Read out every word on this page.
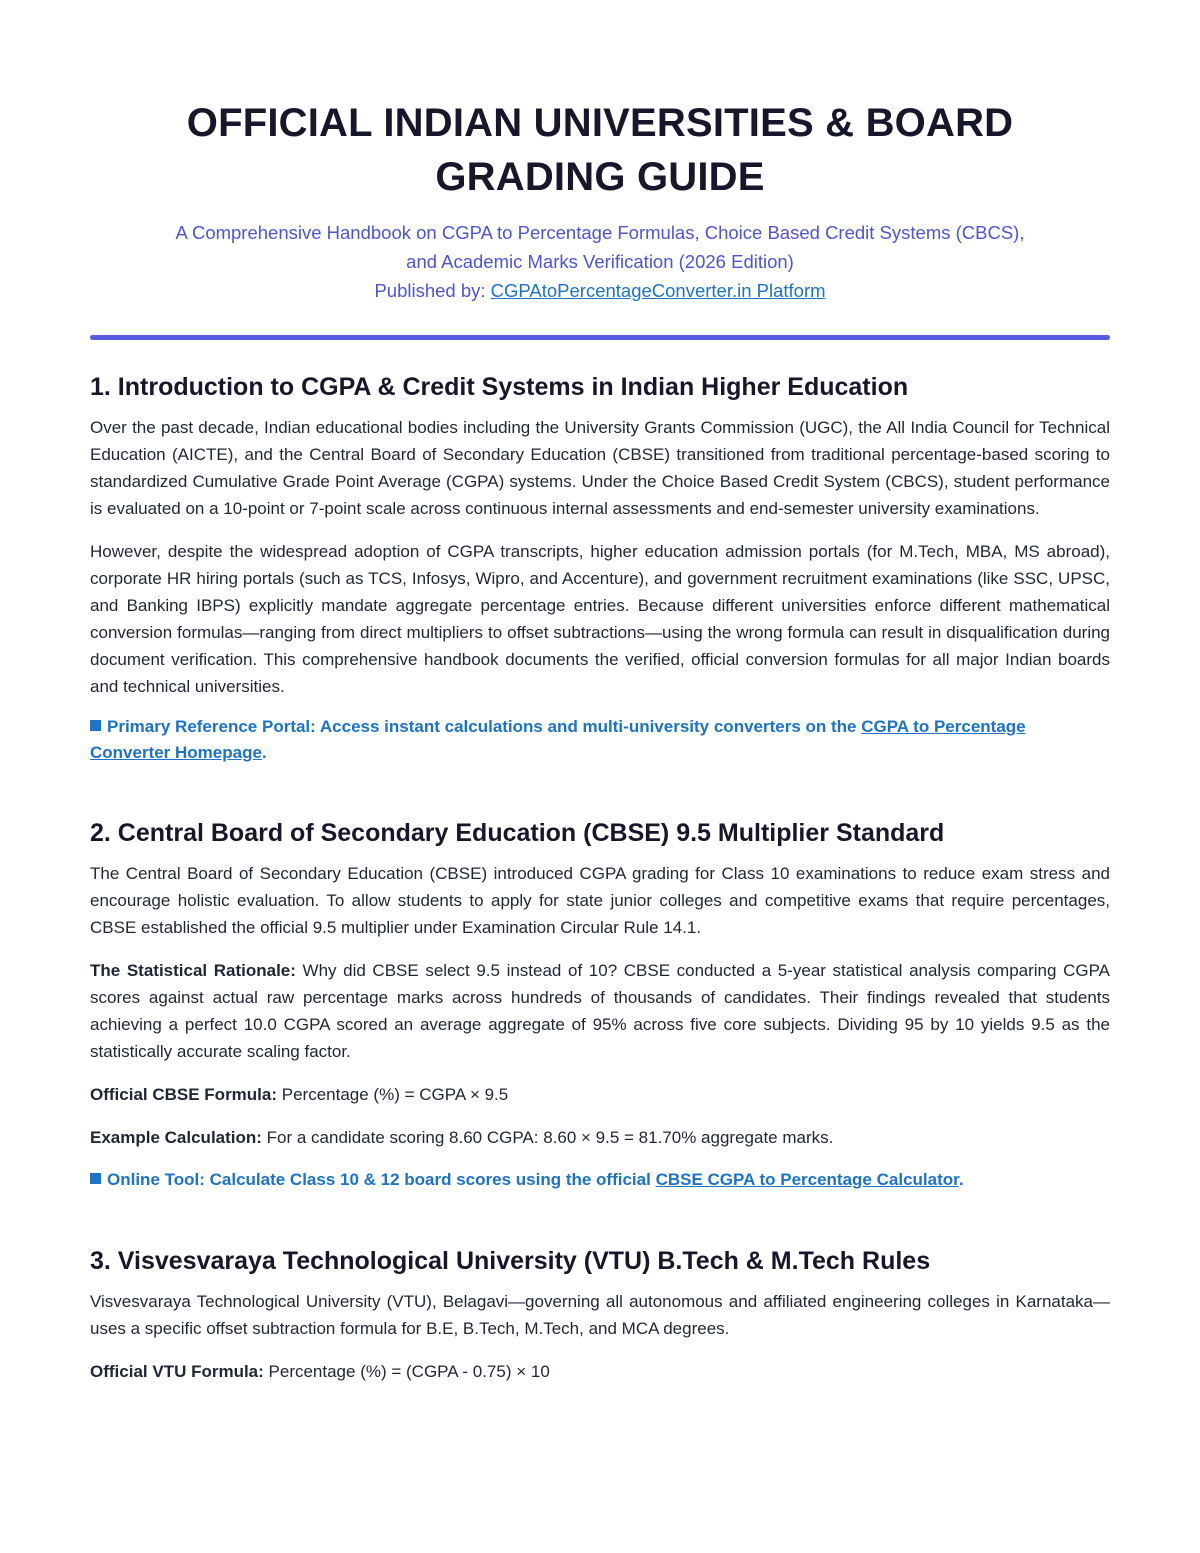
OFFICIAL INDIAN UNIVERSITIES & BOARD
GRADING GUIDE
A Comprehensive Handbook on CGPA to Percentage Formulas, Choice Based Credit Systems (CBCS),
and Academic Marks Verification (2026 Edition)
Published by: CGPAtoPercentageConverter.in Platform
1. Introduction to CGPA & Credit Systems in Indian Higher Education

Over the past decade, Indian educational bodies including the University Grants Commission (UGC), the All India Council for Technical Education (AICTE), and the Central Board of Secondary Education (CBSE) transitioned from traditional percentage-based scoring to standardized Cumulative Grade Point Average (CGPA) systems. Under the Choice Based Credit System (CBCS), student performance is evaluated on a 10-point or 7-point scale across continuous internal assessments and end-semester university examinations.

However, despite the widespread adoption of CGPA transcripts, higher education admission portals (for M.Tech, MBA, MS abroad), corporate HR hiring portals (such as TCS, Infosys, Wipro, and Accenture), and government recruitment examinations (like SSC, UPSC, and Banking IBPS) explicitly mandate aggregate percentage entries. Because different universities enforce different mathematical conversion formulas—ranging from direct multipliers to offset subtractions—using the wrong formula can result in disqualification during document verification. This comprehensive handbook documents the verified, official conversion formulas for all major Indian boards and technical universities.

Primary Reference Portal: Access instant calculations and multi-university converters on the CGPA to Percentage Converter Homepage.
2. Central Board of Secondary Education (CBSE) 9.5 Multiplier Standard

The Central Board of Secondary Education (CBSE) introduced CGPA grading for Class 10 examinations to reduce exam stress and encourage holistic evaluation. To allow students to apply for state junior colleges and competitive exams that require percentages, CBSE established the official 9.5 multiplier under Examination Circular Rule 14.1.

The Statistical Rationale: Why did CBSE select 9.5 instead of 10? CBSE conducted a 5-year statistical analysis comparing CGPA scores against actual raw percentage marks across hundreds of thousands of candidates. Their findings revealed that students achieving a perfect 10.0 CGPA scored an average aggregate of 95% across five core subjects. Dividing 95 by 10 yields 9.5 as the statistically accurate scaling factor.

Official CBSE Formula: Percentage (%) = CGPA × 9.5

Example Calculation: For a candidate scoring 8.60 CGPA: 8.60 × 9.5 = 81.70% aggregate marks.

Online Tool: Calculate Class 10 & 12 board scores using the official CBSE CGPA to Percentage Calculator.
3. Visvesvaraya Technological University (VTU) B.Tech & M.Tech Rules

Visvesvaraya Technological University (VTU), Belagavi—governing all autonomous and affiliated engineering colleges in Karnataka—uses a specific offset subtraction formula for B.E, B.Tech, M.Tech, and MCA degrees.

Official VTU Formula: Percentage (%) = (CGPA - 0.75) × 10
